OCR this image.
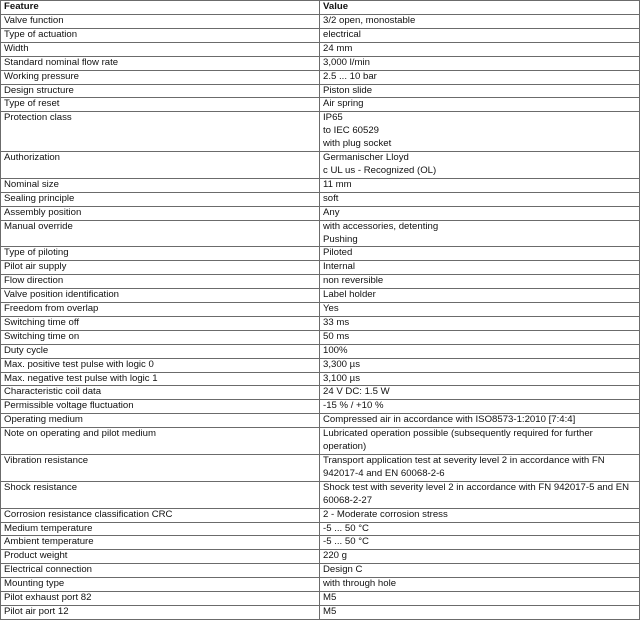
Feature	Value
Valve function	3/2 open, monostable

Type of actuation	electrical

Width	24 mm

Standard nominal flow rate	3,000 l/min

Working pressure	2.5 ... 10 bar

Design structure	Piston slide

Type of reset	Air spring

Protection class	IP65
to IEC 60529
with plug socket

Authorization	Germanischer Lloyd
c UL us - Recognized (OL)

Nominal size	11 mm

Sealing principle	soft

Assembly position	Any

Manual override	with accessories, detenting
Pushing

Type of piloting	Piloted

Pilot air supply	Internal

Flow direction	non reversible

Valve position identification	Label holder

Freedom from overlap	Yes

Switching time off	33 ms

Switching time on	50 ms

Duty cycle	100%

Max. positive test pulse with logic 0	3,300 µs

Max. negative test pulse with logic 1	3,100 µs

Characteristic coil data	24 V DC: 1.5 W

Permissible voltage fluctuation	-15 % / +10 %

Operating medium	Compressed air in accordance with ISO8573-1:2010 [7:4:4]

Note on operating and pilot medium	Lubricated operation possible (subsequently required for further operation)

Vibration resistance	Transport application test at severity level 2 in accordance with FN 942017-4 and EN 60068-2-6

Shock resistance	Shock test with severity level 2 in accordance with FN 942017-5 and EN 60068-2-27

Corrosion resistance classification CRC	2 - Moderate corrosion stress

Medium temperature	-5 ... 50 °C

Ambient temperature	-5 ... 50 °C

Product weight	220 g

Electrical connection	Design C

Mounting type	with through hole

Pilot exhaust port 82	M5

Pilot air port 12	M5
